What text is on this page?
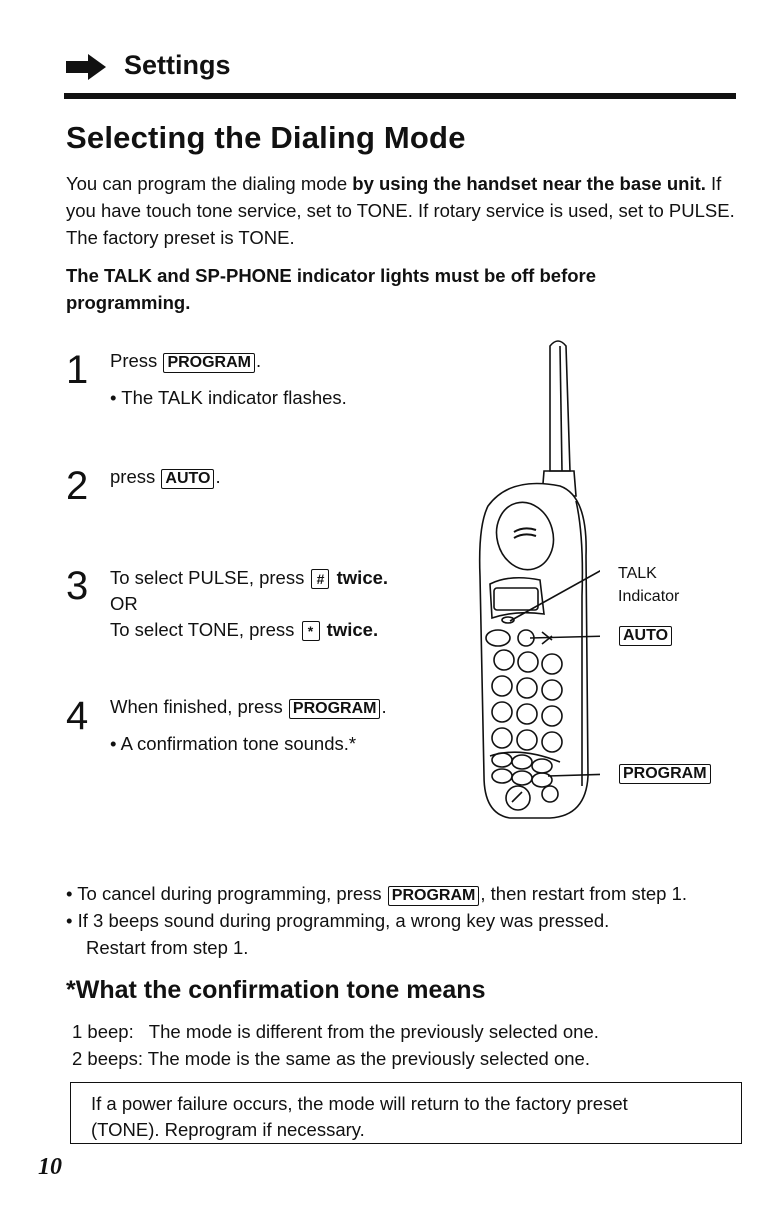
Settings
Selecting the Dialing Mode
You can program the dialing mode by using the handset near the base unit. If you have touch tone service, set to TONE. If rotary service is used, set to PULSE. The factory preset is TONE.
The TALK and SP-PHONE indicator lights must be off before programming.
1 Press PROGRAM .
• The TALK indicator flashes.
2 press AUTO .
3 To select PULSE, press # twice.
OR
To select TONE, press * twice.
4 When finished, press PROGRAM .
• A confirmation tone sounds.*
TALK
Indicator
AUTO
PROGRAM
• To cancel during programming, press PROGRAM , then restart from step 1.
• If 3 beeps sound during programming, a wrong key was pressed.
Restart from step 1.
*What the confirmation tone means
1 beep:   The mode is different from the previously selected one.
2 beeps: The mode is the same as the previously selected one.
If a power failure occurs, the mode will return to the factory preset
(TONE). Reprogram if necessary.
10
